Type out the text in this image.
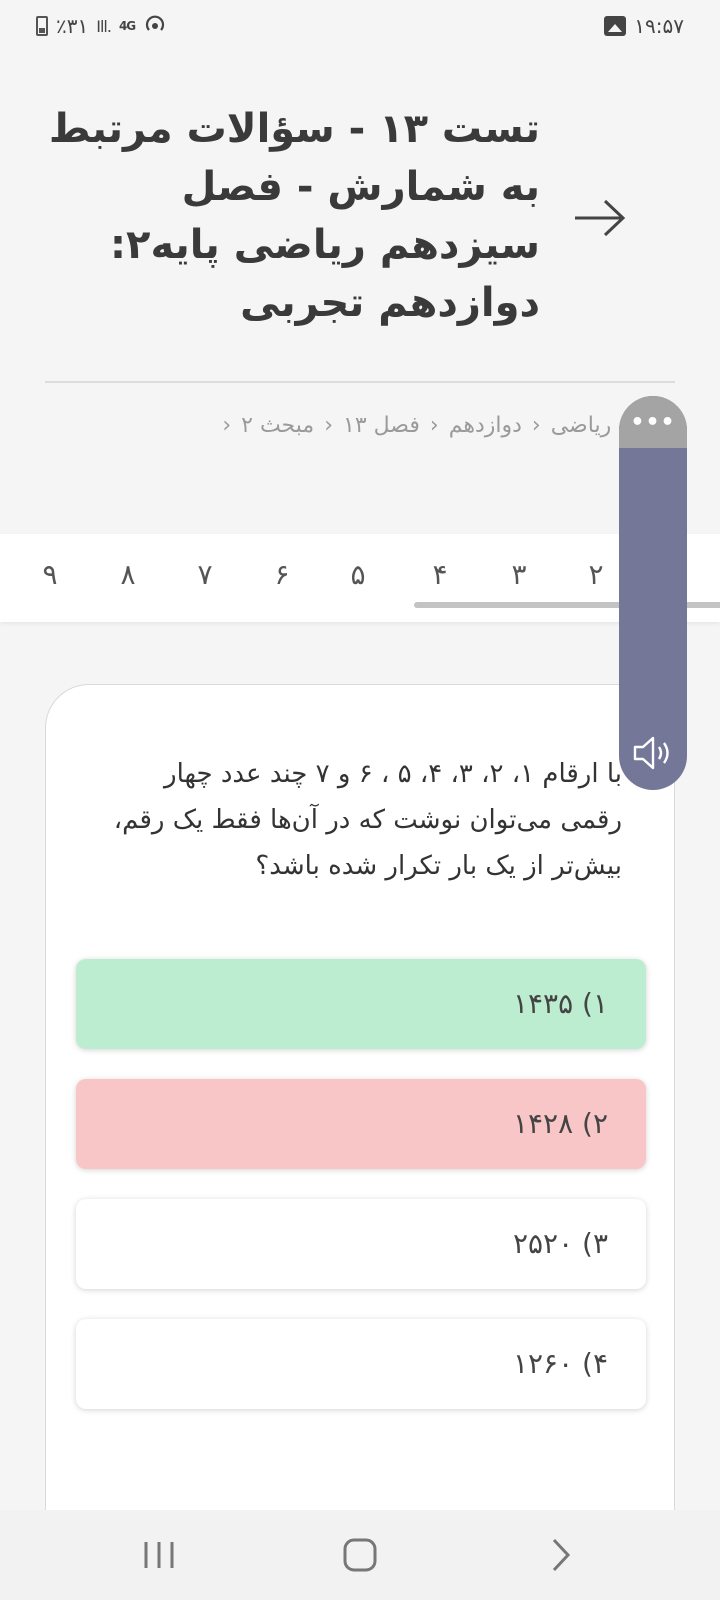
٪۳۱ Ill. 4G	۱۹:۵۷
تست ۱۳ - سؤالات مرتبط به شمارش - فصل سیزدهم ریاضی پایه۲: دوازدهم تجربی
ریاضی‹دوازدهم‹فصل ۱۳‹مبحث ۲‹

۲
۳
۴
۵
۶
۷
۸
۹
با ارقام ۱، ۲، ۳، ۴، ۵ ، ۶ و ۷ چند عدد چهار رقمی می‌توان نوشت که در آن‌ها فقط یک رقم، بیش‌تر از یک بار تکرار شده باشد؟
۱) ۱۴۳۵
۲) ۱۴۲۸
۳) ۲۵۲۰
۴) ۱۲۶۰
•••
